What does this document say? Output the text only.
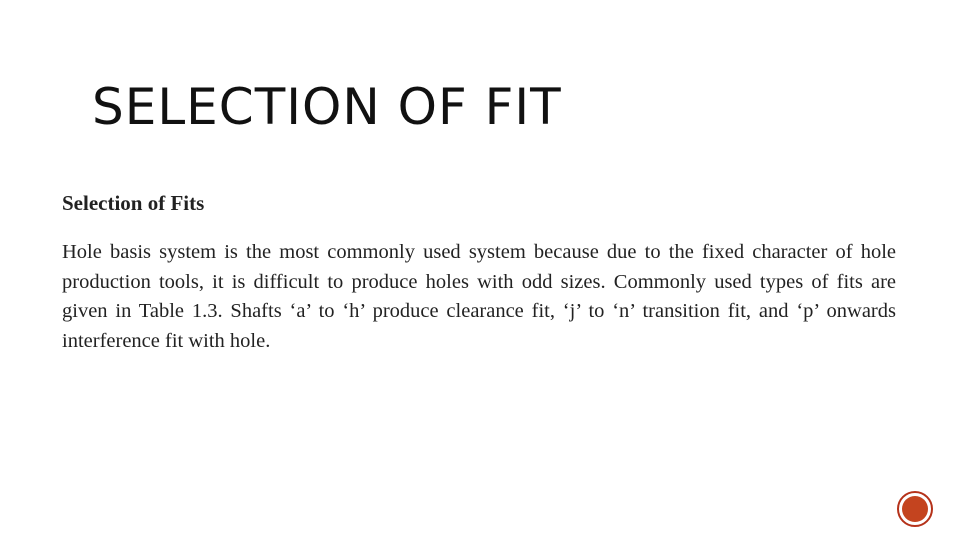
SELECTION OF FIT
Selection of Fits

Hole basis system is the most commonly used system because due to the fixed character of hole production tools, it is difficult to produce holes with odd sizes. Commonly used types of fits are given in Table 1.3. Shafts ‘a’ to ‘h’ produce clearance fit, ‘j’ to ‘n’ transition fit, and ‘p’ onwards interference fit with hole.
